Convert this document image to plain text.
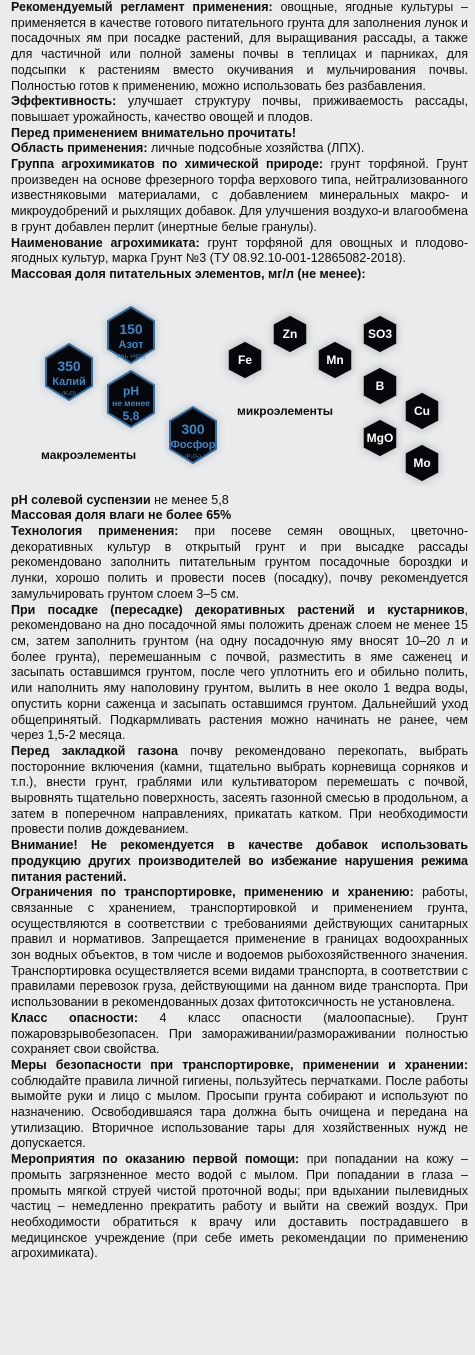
Рекомендуемый регламент применения: овощные, ягодные культуры – применяется в качестве готового питательного грунта для заполнения лунок и посадочных ям при посадке растений, для выращивания рассады, а также для частичной или полной замены почвы в теплицах и парниках, для подсыпки к растениям вместо окучивания и мульчирования почвы. Полностью готов к применению, можно использовать без разбавления.

Эффективность: улучшает структуру почвы, приживаемость рассады, повышает урожайность, качество овощей и плодов.

Перед применением внимательно прочитать!

Область применения: личные подсобные хозяйства (ЛПХ).

Группа агрохимикатов по химической природе: грунт торфяной. Грунт произведен на основе фрезерного торфа верхового типа, нейтрализованного известняковыми материалами, с добавлением минеральных макро- и микроудобрений и рыхлящих добавок. Для улучшения воздухо-и влагообмена в грунт добавлен перлит (инертные белые гранулы).

Наименование агрохимиката: грунт торфяной для овощных и плодово-ягодных культур, марка Грунт №3 (ТУ 08.92.10-001-12865082-2018).

Массовая доля питательных элементов, мг/л (не менее):

150
Азот
(NH₄ +NO₃)
350
Калий
(K₂O)	pH
не менее
5,8
300
Фосфор
(P₂O₅)
макроэлементы
Fe
Zn
Mn
SO3
B
Cu
MgO
Mo
микроэлементы

pH солевой суспензии не менее 5,8

Массовая доля влаги не более 65%

Технология применения: при посеве семян овощных, цветочно-декоративных культур в открытый грунт и при высадке рассады рекомендовано заполнить питательным грунтом посадочные бороздки и лунки, хорошо полить и провести посев (посадку), почву рекомендуется замульчировать грунтом слоем 3–5 см.

При посадке (пересадке) декоративных растений и кустарников, рекомендовано на дно посадочной ямы положить дренаж слоем не менее 15 см, затем заполнить грунтом (на одну посадочную яму вносят 10–20 л и более грунта), перемешанным с почвой, разместить в яме саженец и засыпать оставшимся грунтом, после чего уплотнить его и обильно полить, или наполнить яму наполовину грунтом, вылить в нее около 1 ведра воды, опустить корни саженца и засыпать оставшимся грунтом. Дальнейший уход общепринятый. Подкармливать растения можно начинать не ранее, чем через 1,5-2 месяца.

Перед закладкой газона почву рекомендовано перекопать, выбрать посторонние включения (камни, тщательно выбрать корневища сорняков и т.п.), внести грунт, граблями или культиватором перемешать с почвой, выровнять тщательно поверхность, засеять газонной смесью в продольном, а затем в поперечном направлениях, прикатать катком. При необходимости провести полив дождеванием.

Внимание! Не рекомендуется в качестве добавок использовать продукцию других производителей во избежание нарушения режима питания растений.

Ограничения по транспортировке, применению и хранению: работы, связанные с хранением, транспортировкой и применением грунта, осуществляются в соответствии с требованиями действующих санитарных правил и нормативов. Запрещается применение в границах водоохранных зон водных объектов, в том числе и водоемов рыбохозяйственного значения. Транспортировка осуществляется всеми видами транспорта, в соответствии с правилами перевозок груза, действующими на данном виде транспорта. При использовании в рекомендованных дозах фитотоксичность не установлена.

Класс опасности: 4 класс опасности (малоопасные). Грунт пожаровзрывобезопасен. При замораживании/размораживании полностью сохраняет свои свойства.

Меры безопасности при транспортировке, применении и хранении: соблюдайте правила личной гигиены, пользуйтесь перчатками. После работы вымойте руки и лицо с мылом. Просыпи грунта собирают и используют по назначению. Освободившаяся тара должна быть очищена и передана на утилизацию. Вторичное использование тары для хозяйственных нужд не допускается.

Мероприятия по оказанию первой помощи: при попадании на кожу – промыть загрязненное место водой с мылом. При попадании в глаза – промыть мягкой струей чистой проточной воды; при вдыхании пылевидных частиц – немедленно прекратить работу и выйти на свежий воздух. При необходимости обратиться к врачу или доставить пострадавшего в медицинское учреждение (при себе иметь рекомендации по применению агрохимиката).
